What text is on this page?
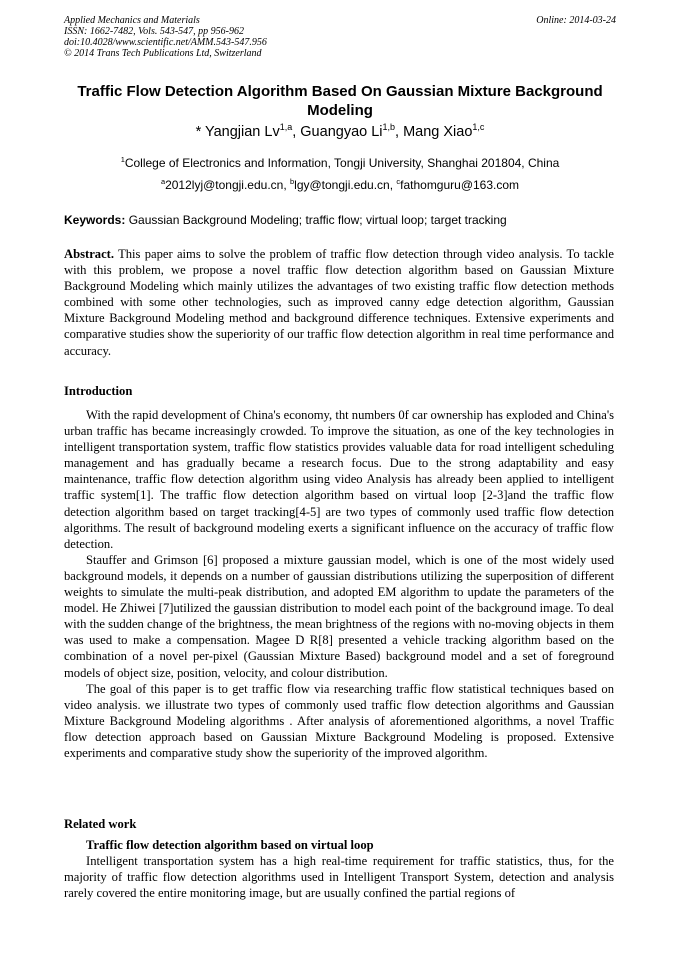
Applied Mechanics and Materials
ISSN: 1662-7482, Vols. 543-547, pp 956-962
doi:10.4028/www.scientific.net/AMM.543-547.956
© 2014 Trans Tech Publications Ltd, Switzerland
Online: 2014-03-24
Traffic Flow Detection Algorithm Based On Gaussian Mixture Background Modeling
* Yangjian Lv$^{1,a}$, Guangyao Li$^{1,b}$, Mang Xiao$^{1,c}$
$^1$College of Electronics and Information, Tongji University, Shanghai 201804, China
$^a$2012lyj@tongji.edu.cn, $^b$lgy@tongji.edu.cn, $^c$fathomguru@163.com
Keywords: Gaussian Background Modeling; traffic flow; virtual loop; target tracking
Abstract. This paper aims to solve the problem of traffic flow detection through video analysis. To tackle with this problem, we propose a novel traffic flow detection algorithm based on Gaussian Mixture Background Modeling which mainly utilizes the advantages of two existing traffic flow detection methods combined with some other technologies, such as improved canny edge detection algorithm, Gaussian Mixture Background Modeling method and background difference techniques. Extensive experiments and comparative studies show the superiority of our traffic flow detection algorithm in real time performance and accuracy.
Introduction

With the rapid development of China's economy, tht numbers 0f car ownership has exploded and China's urban traffic has became increasingly crowded. To improve the situation, as one of the key technologies in intelligent transportation system, traffic flow statistics provides valuable data for road intelligent scheduling management and has gradually became a research focus. Due to the strong adaptability and easy maintenance, traffic flow detection algorithm using video Analysis has already been applied to intelligent traffic system[1]. The traffic flow detection algorithm based on virtual loop [2-3]and the traffic flow detection algorithm based on target tracking[4-5] are two types of commonly used traffic flow detection algorithms. The result of background modeling exerts a significant influence on the accuracy of traffic flow detection.

Stauffer and Grimson [6] proposed a mixture gaussian model, which is one of the most widely used background models, it depends on a number of gaussian distributions utilizing the superposition of different weights to simulate the multi-peak distribution, and adopted EM algorithm to update the parameters of the model. He Zhiwei [7]utilized the gaussian distribution to model each point of the background image. To deal with the sudden change of the brightness, the mean brightness of the regions with no-moving objects in them was used to make a compensation. Magee D R[8] presented a vehicle tracking algorithm based on the combination of a novel per-pixel (Gaussian Mixture Based) background model and a set of foreground models of object size, position, velocity, and colour distribution.

The goal of this paper is to get traffic flow via researching traffic flow statistical techniques based on video analysis. we illustrate two types of commonly used traffic flow detection algorithms and Gaussian Mixture Background Modeling algorithms . After analysis of aforementioned algorithms, a novel Traffic flow detection approach based on Gaussian Mixture Background Modeling is proposed. Extensive experiments and comparative study show the superiority of the improved algorithm.

Related work
Traffic flow detection algorithm based on virtual loop

Intelligent transportation system has a high real-time requirement for traffic statistics, thus, for the majority of traffic flow detection algorithms used in Intelligent Transport System, detection and analysis rarely covered the entire monitoring image, but are usually confined the partial regions of
